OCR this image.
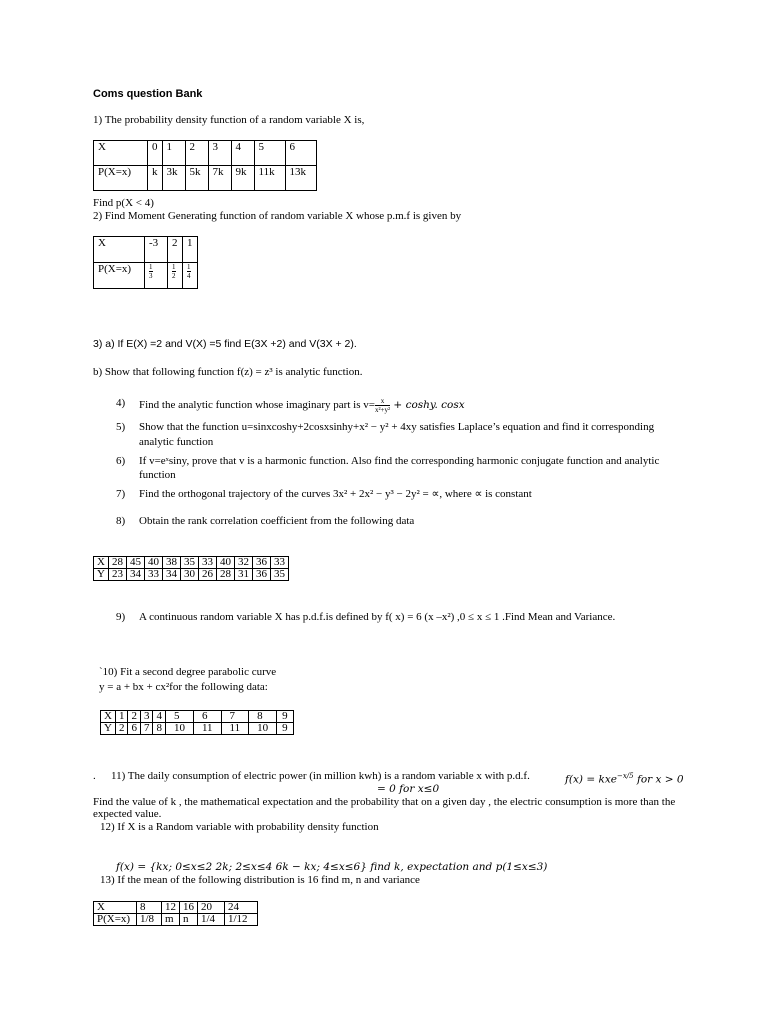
Coms question Bank
1) The probability density function of a random variable X is,
X	0	1	2	3	4	5	6
P(X=x)	k	3k	5k	7k	9k	11k	13k
Find p(X < 4)
2) Find Moment Generating function of random variable X whose p.m.f is given by
X	-3	2	1
P(X=x)	$\frac{1}{3}$	$\frac{1}{2}$	$\frac{1}{4}$
3) a) If E(X) =2 and V(X) =5 find E(3X +2) and V(3X + 2).
b) Show that following function f(z) = z³ is analytic function.
4) Find the analytic function whose imaginary part is $v= \frac{x}{\text{x²+y²}} + \cosh y$. cosx
5) Show that the function u=sinxcoshy+2cosxsinhy+x² − y² + 4xy satisfies Laplace’s equation and find it corresponding
analytic function
6) If v=eˣsiny, prove that v is a harmonic function. Also find the corresponding harmonic conjugate function and analytic
function
7) Find the orthogonal trajectory of the curves 3x² + 2x² − y³ − 2y² = ∝, where ∝ is constant
8) Obtain the rank correlation coefficient from the following data
X	28	45	40	38	35	33	40	32	36	33
Y	23	34	33	34	30	26	28	31	36	35
9) A continuous random variable X has p.d.f.is defined by f( x) = 6 (x –x²) ,0 ≤ x ≤ 1 .Find Mean and Variance.
`10) Fit a second degree parabolic curve
y = a + bx + cx²for the following data:
X	1	2	3	4	5	6	7	8	9
Y	2	6	7	8	10	11	11	10	9
. 11) The daily consumption of electric power (in million kwh) is a random variable x with p.d.f.	f(x) = kxe$^{-x/5}$ for x > 0
= 0 for x≤0
Find the value of k , the mathematical expectation and the probability that on a given day , the electric consumption is more than the
expected value.
12) If X is a Random variable with probability density function
f(x) = {kx; 0≤x≤2 2k; 2≤x≤4 6k − kx; 4≤x≤6} find k, expectation and p(1≤x≤3)
13) If the mean of the following distribution is 16 find m, n and variance
X	8	12	16	20	24
P(X=x)	1/8	m	n	1/4	1/12
